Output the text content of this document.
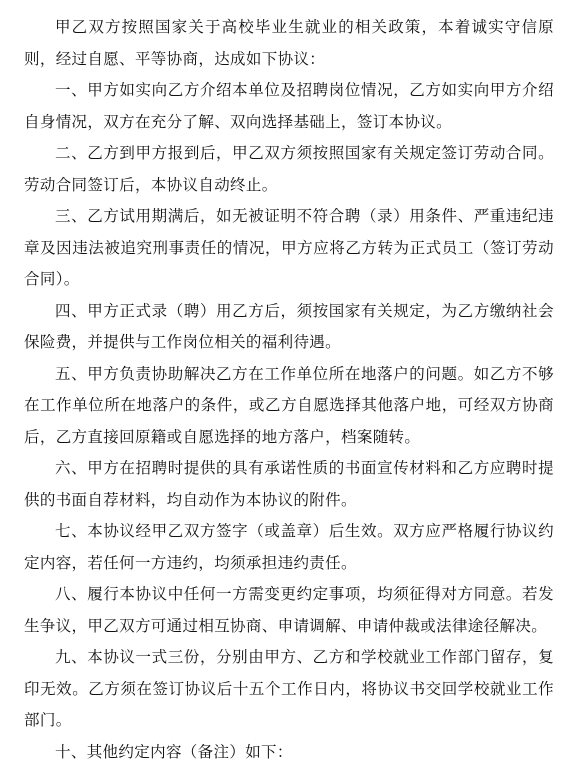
甲乙双方按照国家关于高校毕业生就业的相关政策，本着诚实守信原则，经过自愿、平等协商，达成如下协议：

一、甲方如实向乙方介绍本单位及招聘岗位情况，乙方如实向甲方介绍自身情况，双方在充分了解、双向选择基础上，签订本协议。

二、乙方到甲方报到后，甲乙双方须按照国家有关规定签订劳动合同。劳动合同签订后，本协议自动终止。

三、乙方试用期满后，如无被证明不符合聘（录）用条件、严重违纪违章及因违法被追究刑事责任的情况，甲方应将乙方转为正式员工（签订劳动合同）。

四、甲方正式录（聘）用乙方后，须按国家有关规定，为乙方缴纳社会保险费，并提供与工作岗位相关的福利待遇。

五、甲方负责协助解决乙方在工作单位所在地落户的问题。如乙方不够在工作单位所在地落户的条件，或乙方自愿选择其他落户地，可经双方协商后，乙方直接回原籍或自愿选择的地方落户，档案随转。

六、甲方在招聘时提供的具有承诺性质的书面宣传材料和乙方应聘时提供的书面自荐材料，均自动作为本协议的附件。

七、本协议经甲乙双方签字（或盖章）后生效。双方应严格履行协议约定内容，若任何一方违约，均须承担违约责任。

八、履行本协议中任何一方需变更约定事项，均须征得对方同意。若发生争议，甲乙双方可通过相互协商、申请调解、申请仲裁或法律途径解决。

九、本协议一式三份，分别由甲方、乙方和学校就业工作部门留存，复印无效。乙方须在签订协议后十五个工作日内，将协议书交回学校就业工作部门。

十、其他约定内容（备注）如下：
